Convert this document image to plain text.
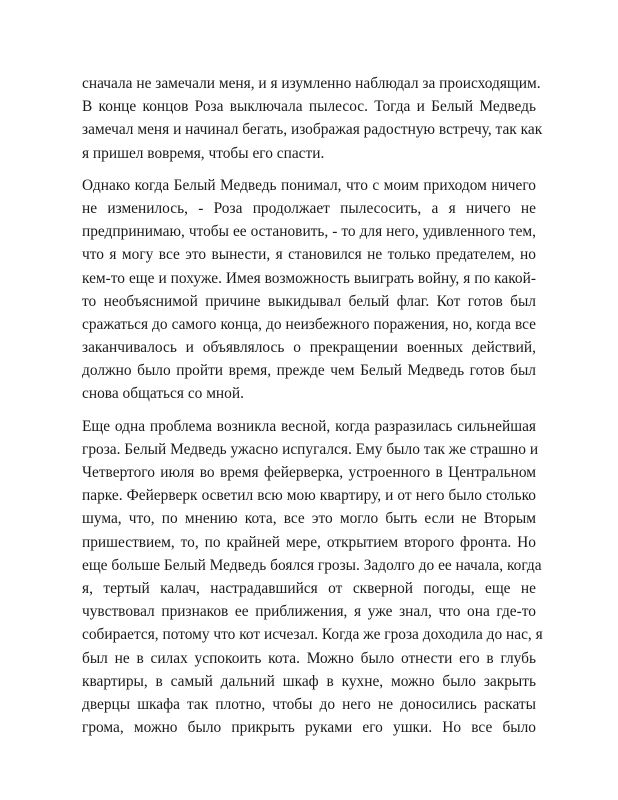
сначала не замечали меня, и я изумленно наблюдал за происходящим.
В конце концов Роза выключала пылесос. Тогда и Белый Медведь
замечал меня и начинал бегать, изображая радостную встречу, так как
я пришел вовремя, чтобы его спасти.
Однако когда Белый Медведь понимал, что с моим приходом ничего
не изменилось, - Роза продолжает пылесосить, а я ничего не
предпринимаю, чтобы ее остановить, - то для него, удивленного тем,
что я могу все это вынести, я становился не только предателем, но
кем-то еще и похуже. Имея возможность выиграть войну, я по какой-
то необъяснимой причине выкидывал белый флаг. Кот готов был
сражаться до самого конца, до неизбежного поражения, но, когда все
заканчивалось и объявлялось о прекращении военных действий,
должно было пройти время, прежде чем Белый Медведь готов был
снова общаться со мной.
Еще одна проблема возникла весной, когда разразилась сильнейшая
гроза. Белый Медведь ужасно испугался. Ему было так же страшно и
Четвертого июля во время фейерверка, устроенного в Центральном
парке. Фейерверк осветил всю мою квартиру, и от него было столько
шума, что, по мнению кота, все это могло быть если не Вторым
пришествием, то, по крайней мере, открытием второго фронта. Но
еще больше Белый Медведь боялся грозы. Задолго до ее начала, когда
я, тертый калач, настрадавшийся от скверной погоды, еще не
чувствовал признаков ее приближения, я уже знал, что она где-то
собирается, потому что кот исчезал. Когда же гроза доходила до нас, я
был не в силах успокоить кота. Можно было отнести его в глубь
квартиры, в самый дальний шкаф в кухне, можно было закрыть
дверцы шкафа так плотно, чтобы до него не доносились раскаты
грома, можно было прикрыть руками его ушки. Но все было
